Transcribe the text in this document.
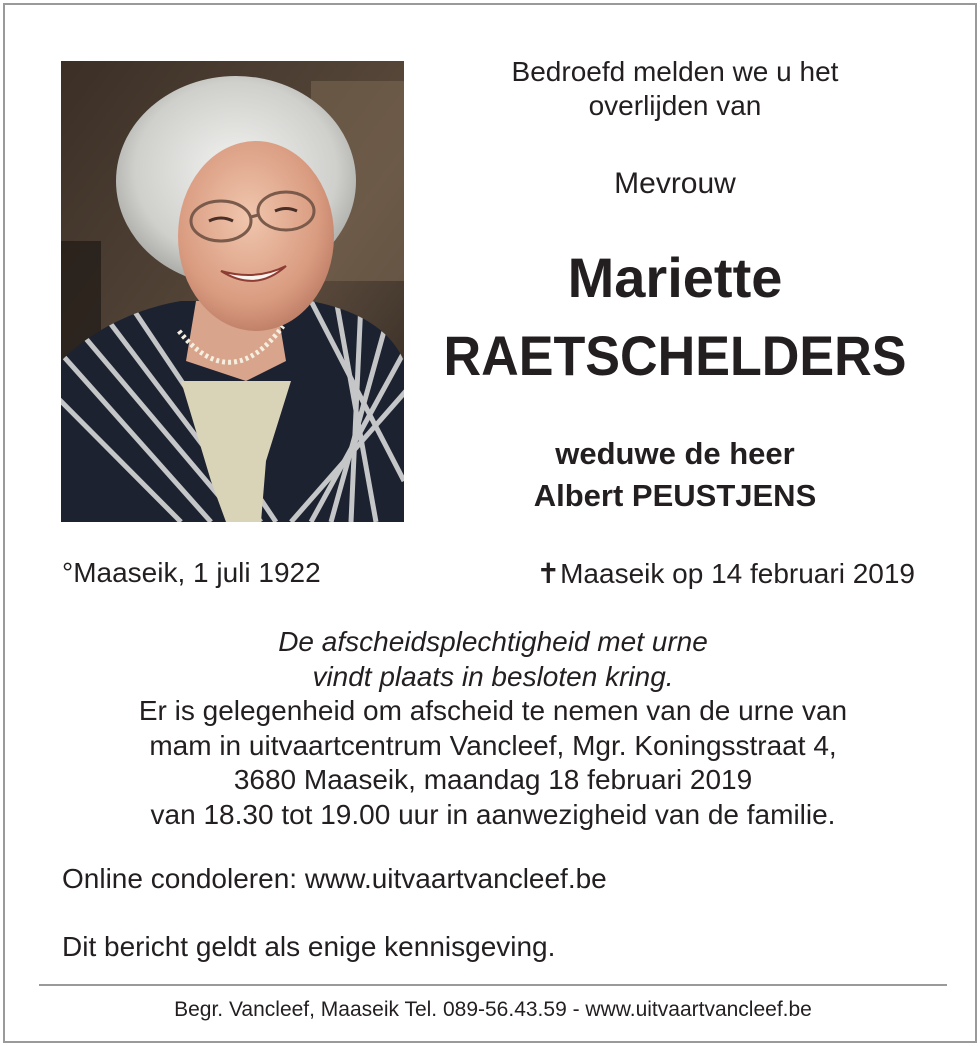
Bedroefd melden we u het
overlijden van
Mevrouw
Mariette
RAETSCHELDERS
weduwe de heer
Albert PEUSTJENS
°Maaseik, 1 juli 1922	✝Maaseik op 14 februari 2019
De afscheidsplechtigheid met urne
vindt plaats in besloten kring.
Er is gelegenheid om afscheid te nemen van de urne van
mam in uitvaartcentrum Vancleef, Mgr. Koningsstraat 4,
3680 Maaseik, maandag 18 februari 2019
van 18.30 tot 19.00 uur in aanwezigheid van de familie.
Online condoleren: www.uitvaartvancleef.be
Dit bericht geldt als enige kennisgeving.
Begr. Vancleef, Maaseik Tel. 089-56.43.59 - www.uitvaartvancleef.be
